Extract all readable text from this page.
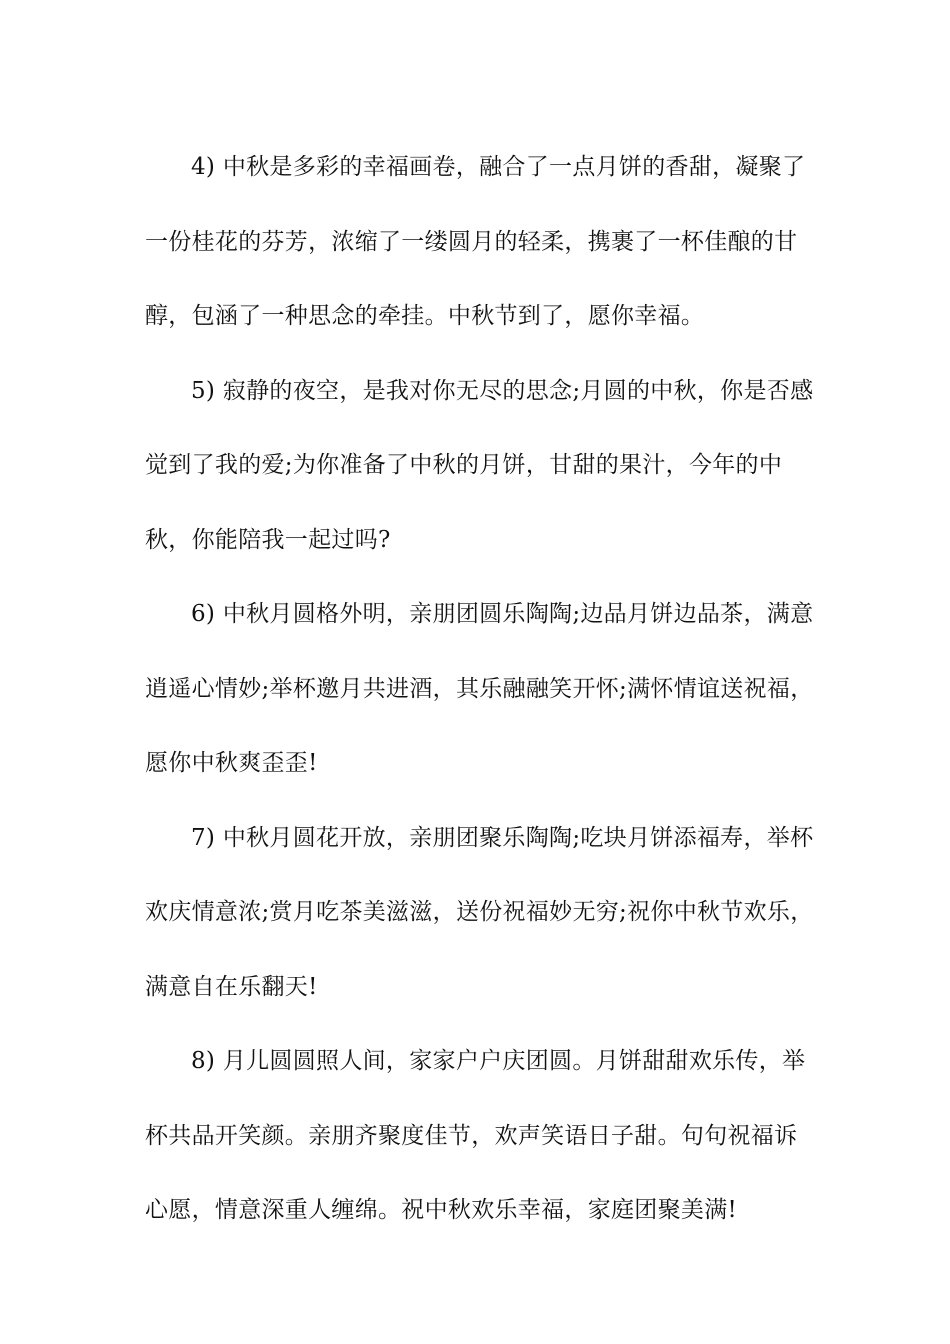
4) 中秋是多彩的幸福画卷，融合了一点月饼的香甜，凝聚了一份桂花的芬芳，浓缩了一缕圆月的轻柔，携裹了一杯佳酿的甘醇，包涵了一种思念的牵挂。中秋节到了，愿你幸福。

5) 寂静的夜空，是我对你无尽的思念;月圆的中秋，你是否感觉到了我的爱;为你准备了中秋的月饼，甘甜的果汁，今年的中秋，你能陪我一起过吗?

6) 中秋月圆格外明，亲朋团圆乐陶陶;边品月饼边品茶，满意逍遥心情妙;举杯邀月共进酒，其乐融融笑开怀;满怀情谊送祝福，愿你中秋爽歪歪!

7) 中秋月圆花开放，亲朋团聚乐陶陶;吃块月饼添福寿，举杯欢庆情意浓;赏月吃茶美滋滋，送份祝福妙无穷;祝你中秋节欢乐，满意自在乐翻天!

8) 月儿圆圆照人间，家家户户庆团圆。月饼甜甜欢乐传，举杯共品开笑颜。亲朋齐聚度佳节，欢声笑语日子甜。句句祝福诉心愿，情意深重人缠绵。祝中秋欢乐幸福，家庭团聚美满!
